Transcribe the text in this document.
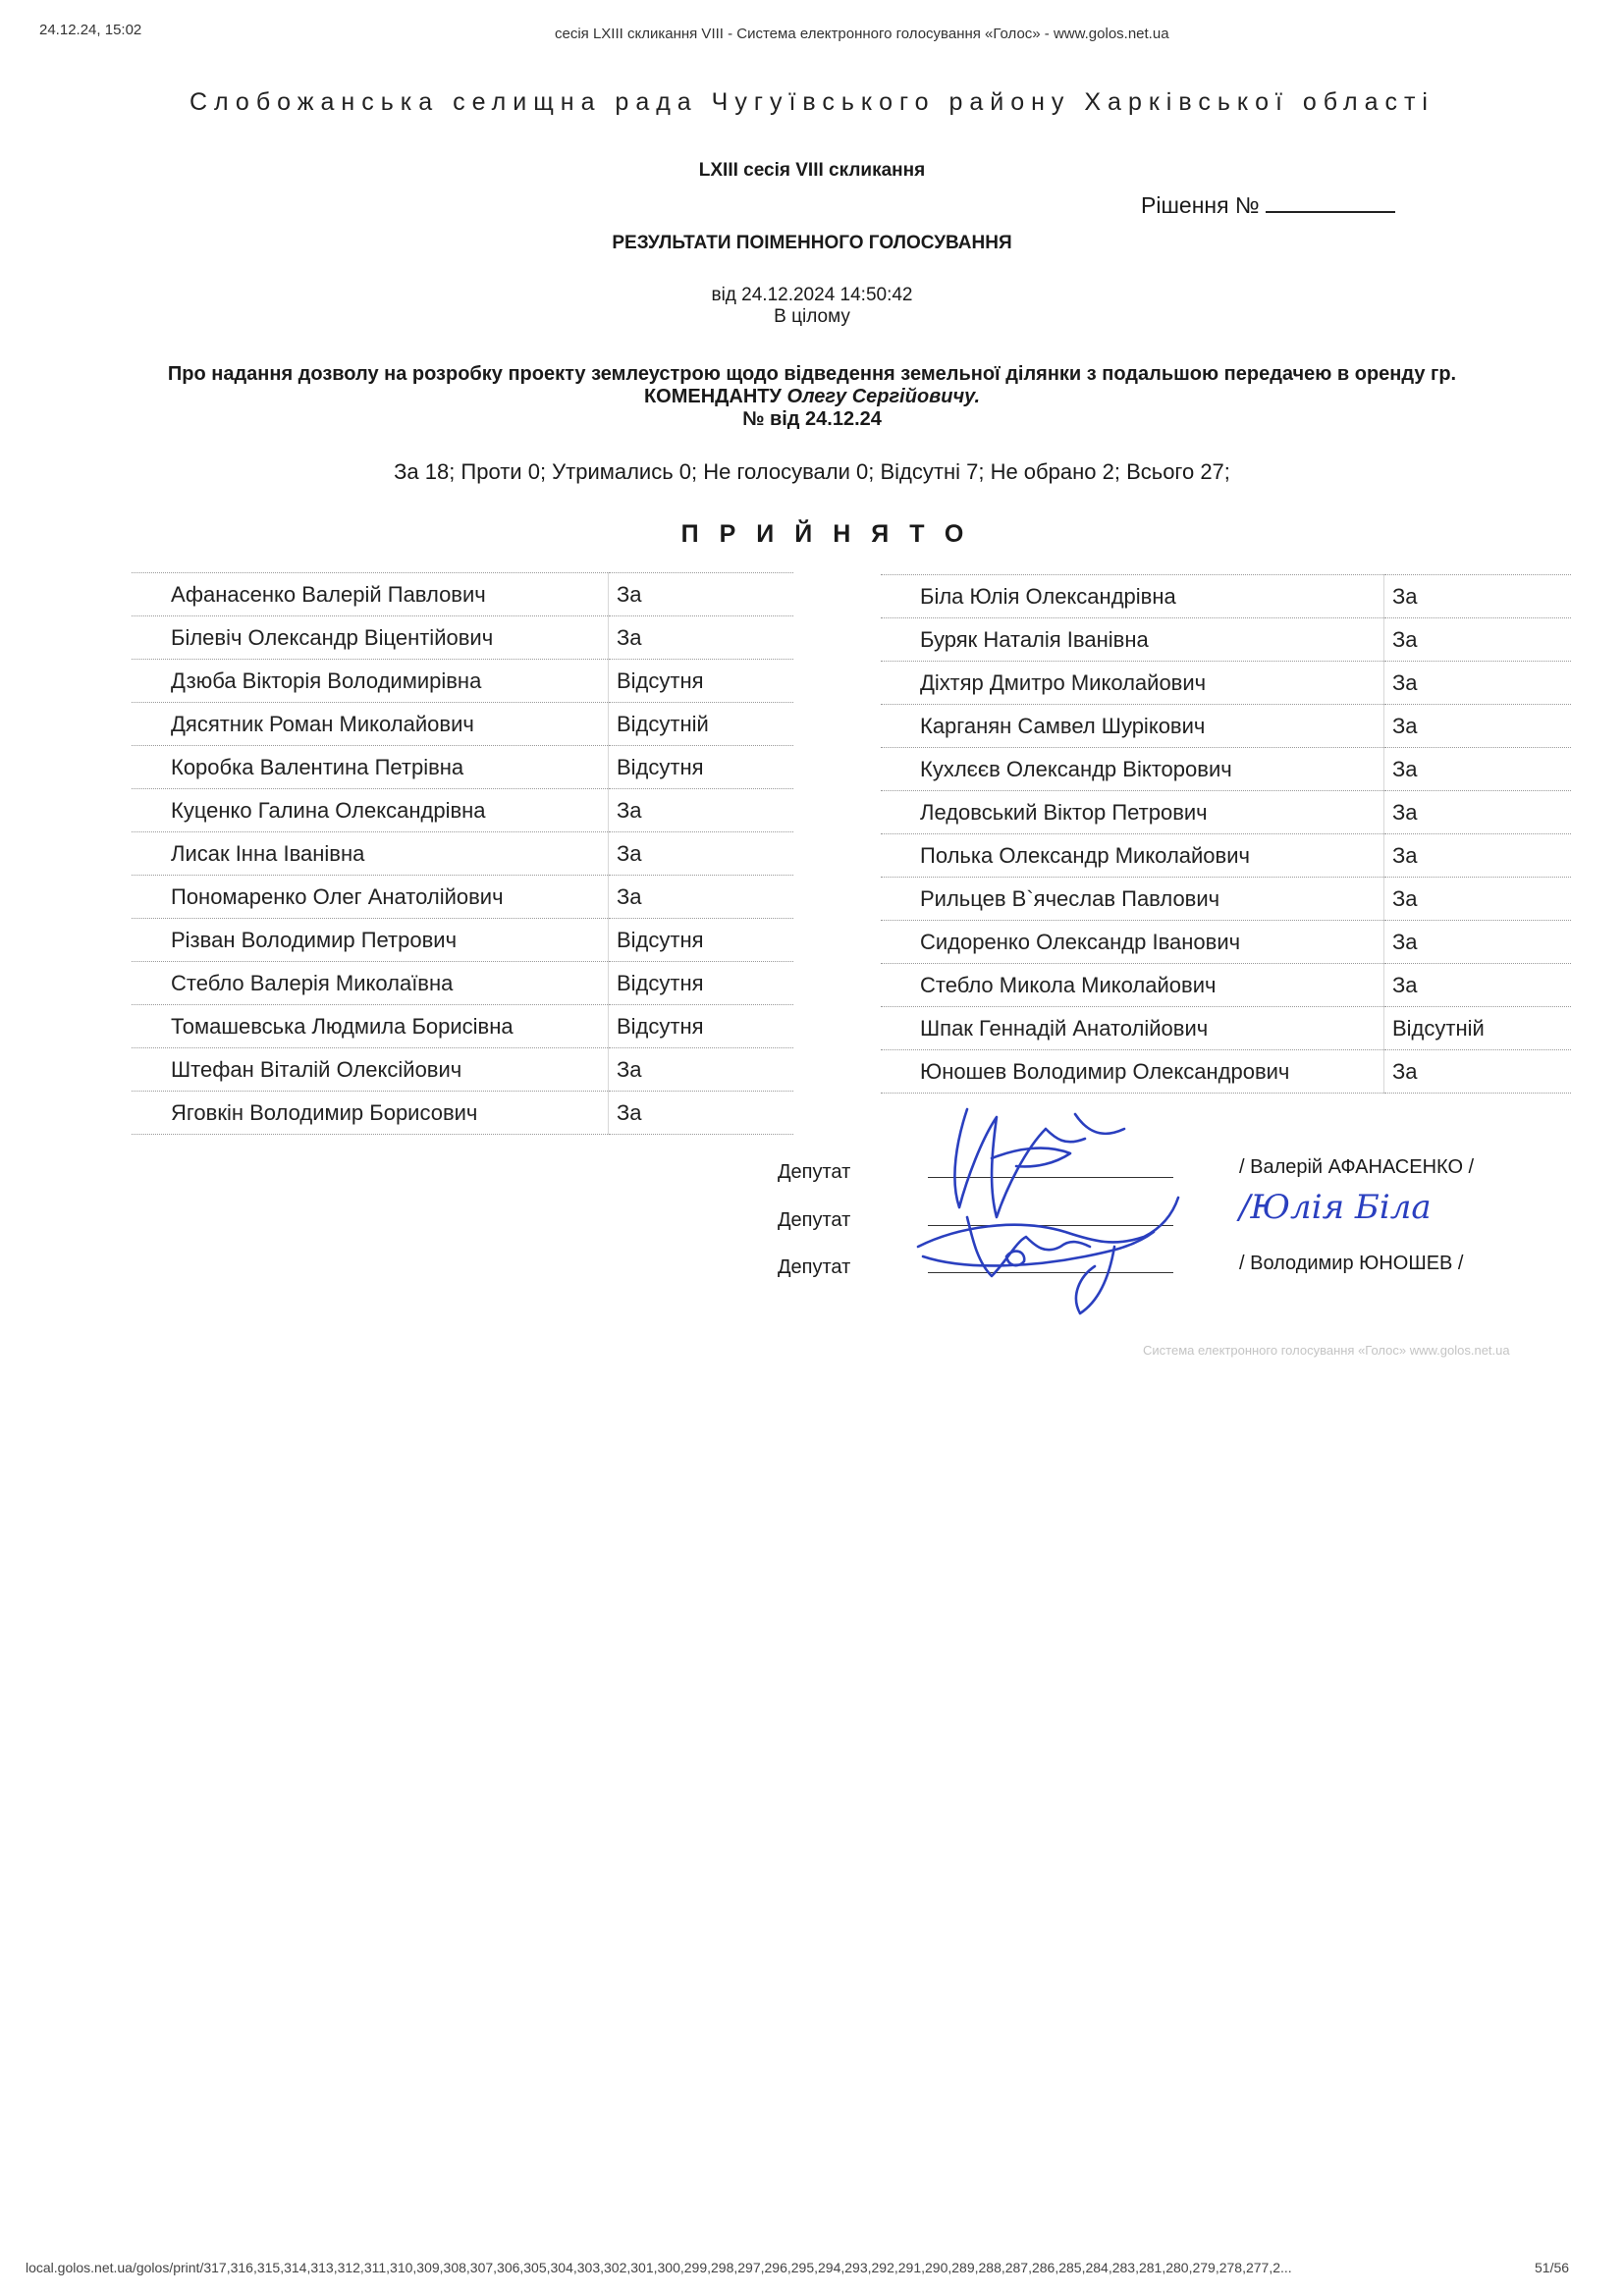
24.12.24, 15:02	сесія LXIII скликання VIII - Система електронного голосування «Голос» - www.golos.net.ua
Слобожанська селищна рада Чугуївського району Харківської області
LXIII сесія VIII скликання
Рішення №
РЕЗУЛЬТАТИ ПОІМЕННОГО ГОЛОСУВАННЯ
від 24.12.2024 14:50:42
В цілому
Про надання дозволу на розробку проекту землеустрою щодо відведення земельної ділянки з подальшою передачею в оренду гр.
КОМЕНДАНТУ Олегу Сергійовичу.
№ від 24.12.24
За 18; Проти 0; Утримались 0; Не голосували 0; Відсутні 7; Не обрано 2; Всього 27;
ПРИЙНЯТО
Афанасенко Валерій Павлович	За
Білевіч Олександр Віцентійович	За
Дзюба Вікторія Володимирівна	Відсутня
Дясятник Роман Миколайович	Відсутній
Коробка Валентина Петрівна	Відсутня
Куценко Галина Олександрівна	За
Лисак Інна Іванівна	За
Пономаренко Олег Анатолійович	За
Різван Володимир Петрович	Відсутня
Стебло Валерія Миколаївна	Відсутня
Томашевська Людмила Борисівна	Відсутня
Штефан Віталій Олексійович	За
Яговкін Володимир Борисович	За
Біла Юлія Олександрівна	За
Буряк Наталія Іванівна	За
Діхтяр Дмитро Миколайович	За
Карганян Самвел Шурікович	За
Кухлєєв Олександр Вікторович	За
Ледовський Віктор Петрович	За
Полька Олександр Миколайович	За
Рильцев В`ячеслав Павлович	За
Сидоренко Олександр Іванович	За
Стебло Микола Миколайович	За
Шпак Геннадій Анатолійович	Відсутній
Юношев Володимир Олександрович	За
Депутат
Депутат
Депутат
/ Валерій АФАНАСЕНКО /
/ Володимир ЮНОШЕВ /
/Юлія Біла
Система електронного голосування «Голос» www.golos.net.ua
local.golos.net.ua/golos/print/317,316,315,314,313,312,311,310,309,308,307,306,305,304,303,302,301,300,299,298,297,296,295,294,293,292,291,290,289,288,287,286,285,284,283,281,280,279,278,277,2...	51/56
